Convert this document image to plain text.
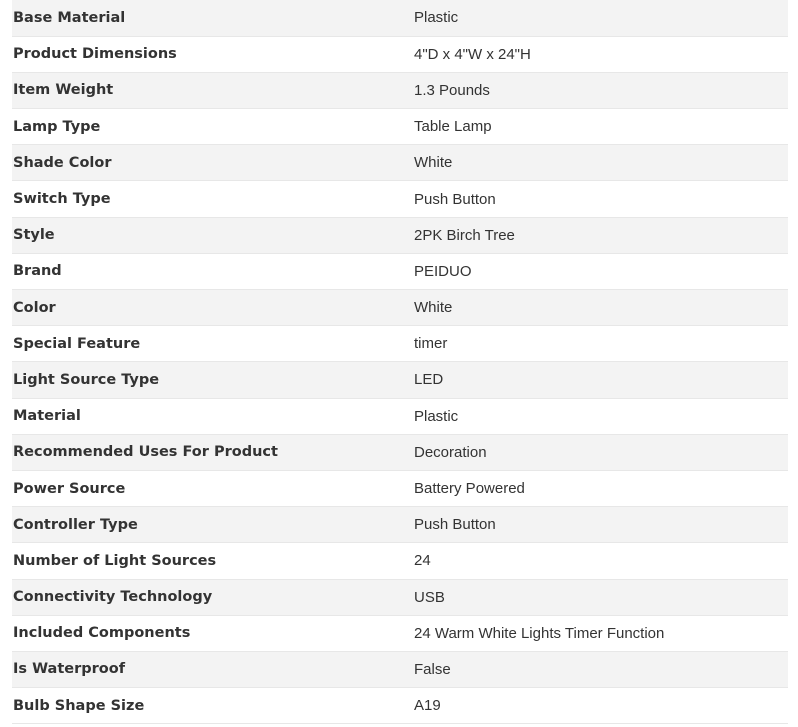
Base Material	Plastic
Product Dimensions	4"D x 4"W x 24"H
Item Weight	1.3 Pounds
Lamp Type	Table Lamp
Shade Color	White
Switch Type	Push Button
Style	2PK Birch Tree
Brand	PEIDUO
Color	White
Special Feature	timer
Light Source Type	LED
Material	Plastic
Recommended Uses For Product	Decoration
Power Source	Battery Powered
Controller Type	Push Button
Number of Light Sources	24
Connectivity Technology	USB
Included Components	24 Warm White Lights Timer Function
Is Waterproof	False
Bulb Shape Size	A19
